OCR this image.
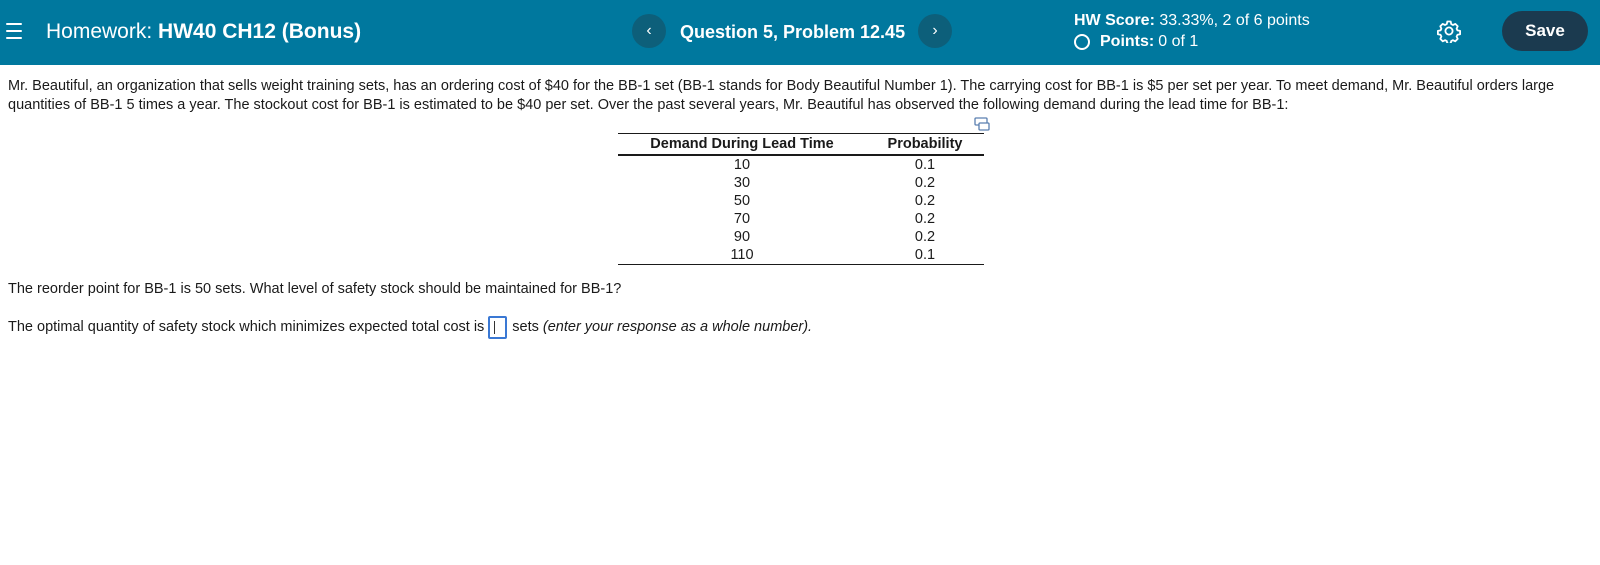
Homework: HW40 CH12 (Bonus)	‹	Question 5, Problem 12.45	›
HW Score: 33.33%, 2 of 6 points
Points: 0 of 1
Save
Mr. Beautiful, an organization that sells weight training sets, has an ordering cost of $40 for the BB-1 set (BB-1 stands for Body Beautiful Number 1). The carrying cost for BB-1 is $5 per set per year. To meet demand, Mr. Beautiful orders large quantities of BB-1 5 times a year. The stockout cost for BB-1 is estimated to be $40 per set. Over the past several years, Mr. Beautiful has observed the following demand during the lead time for BB-1:
Demand During Lead Time	Probability
10	0.1
30	0.2
50	0.2
70	0.2
90	0.2
110	0.1
The reorder point for BB-1 is 50 sets. What level of safety stock should be maintained for BB-1?
The optimal quantity of safety stock which minimizes expected total cost is sets (enter your response as a whole number).
